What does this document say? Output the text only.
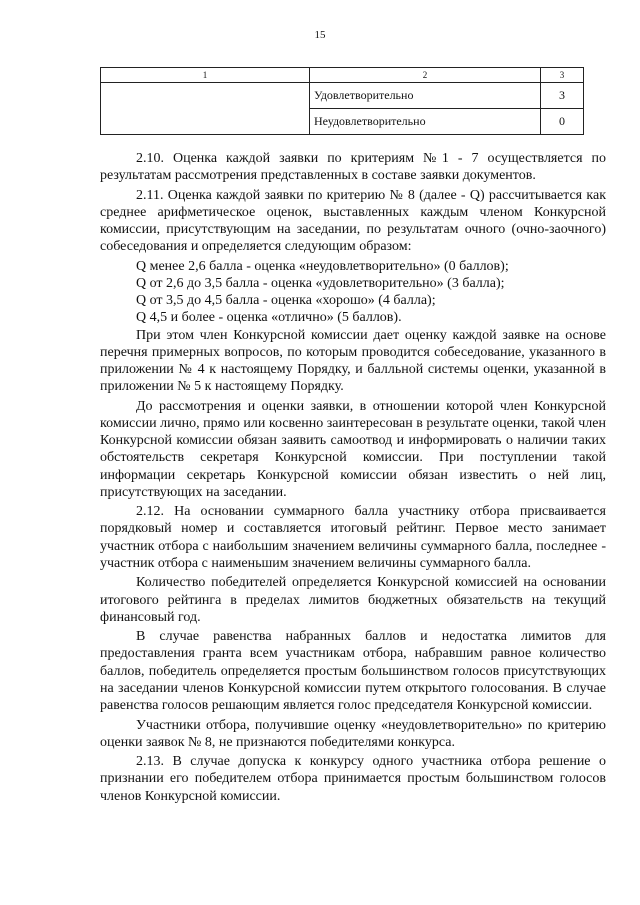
15
1	2	3
	Удовлетворительно	3
	Неудовлетворительно	0

2.10. Оценка каждой заявки по критериям №1 - 7 осуществляется по результатам рассмотрения представленных в составе заявки документов.

2.11. Оценка каждой заявки по критерию № 8 (далее - Q) рассчитывается как среднее арифметическое оценок, выставленных каждым членом Конкурсной комиссии, присутствующим на заседании, по результатам очного (очно-заочного) собеседования и определяется следующим образом:

Q менее 2,6 балла - оценка «неудовлетворительно» (0 баллов);

Q от 2,6 до 3,5 балла - оценка «удовлетворительно» (3 балла);

Q от 3,5 до 4,5 балла - оценка «хорошо» (4 балла);

Q 4,5 и более - оценка «отлично» (5 баллов).

При этом член Конкурсной комиссии дает оценку каждой заявке на основе перечня примерных вопросов, по которым проводится собеседование, указанного в приложении № 4 к настоящему Порядку, и балльной системы оценки, указанной в приложении № 5 к настоящему Порядку.

До рассмотрения и оценки заявки, в отношении которой член Конкурсной комиссии лично, прямо или косвенно заинтересован в результате оценки, такой член Конкурсной комиссии обязан заявить самоотвод и информировать о наличии таких обстоятельств секретаря Конкурсной комиссии. При поступлении такой информации секретарь Конкурсной комиссии обязан известить о ней лиц, присутствующих на заседании.

2.12. На основании суммарного балла участнику отбора присваивается порядковый номер и составляется итоговый рейтинг. Первое место занимает участник отбора с наибольшим значением величины суммарного балла, последнее - участник отбора с наименьшим значением величины суммарного балла.

Количество победителей определяется Конкурсной комиссией на основании итогового рейтинга в пределах лимитов бюджетных обязательств на текущий финансовый год.

В случае равенства набранных баллов и недостатка лимитов для предоставления гранта всем участникам отбора, набравшим равное количество баллов, победитель определяется простым большинством голосов присутствующих на заседании членов Конкурсной комиссии путем открытого голосования. В случае равенства голосов решающим является голос председателя Конкурсной комиссии.

Участники отбора, получившие оценку «неудовлетворительно» по критерию оценки заявок № 8, не признаются победителями конкурса.

2.13. В случае допуска к конкурсу одного участника отбора решение о признании его победителем отбора принимается простым большинством голосов членов Конкурсной комиссии.
